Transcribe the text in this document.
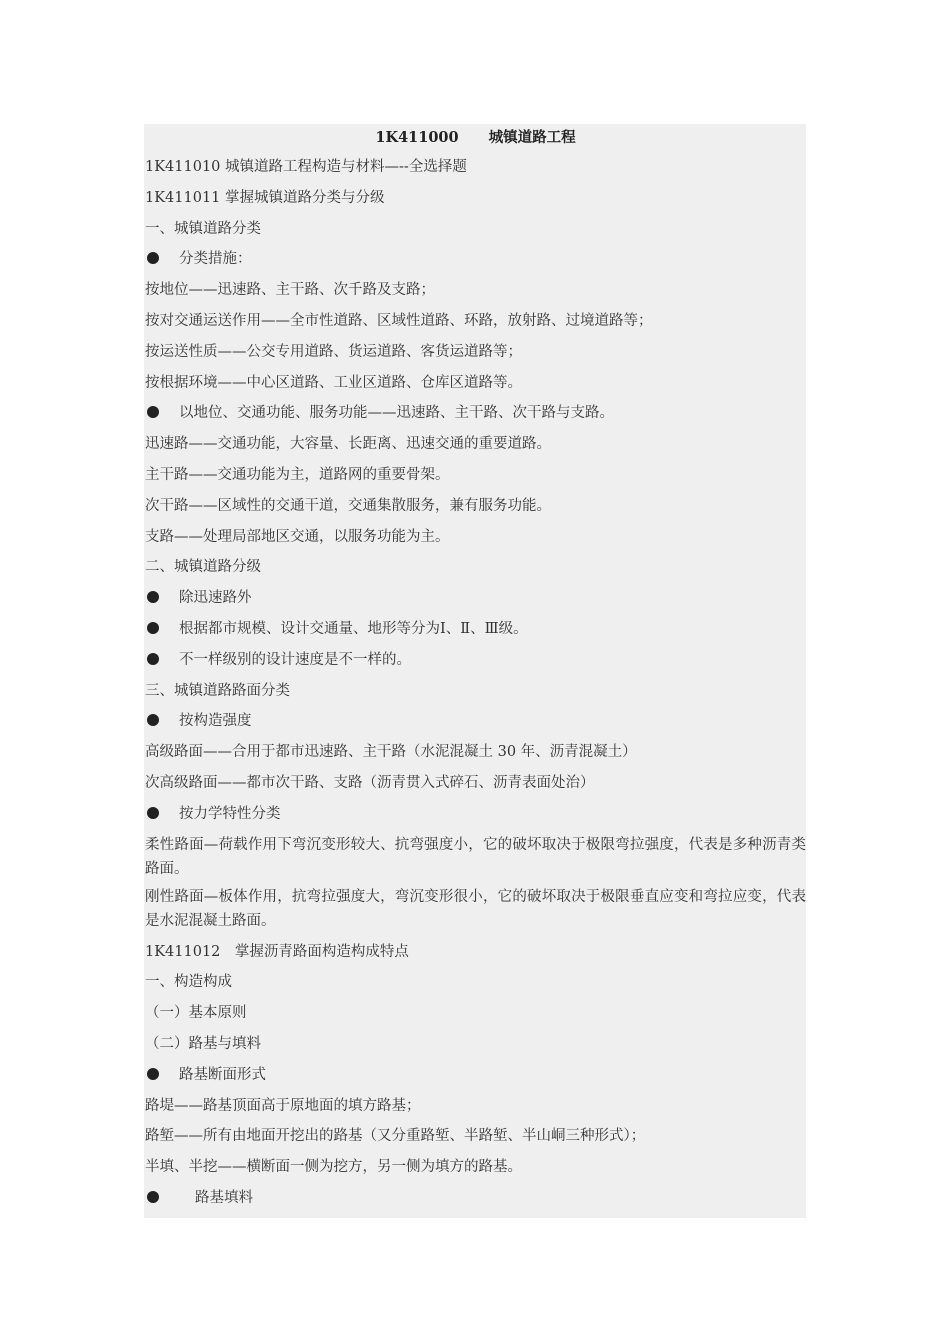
1K411000 城镇道路工程
1K411010 城镇道路工程构造与材料—--全选择题
1K411011 掌握城镇道路分类与分级
一、城镇道路分类
分类措施：
按地位——迅速路、主干路、次千路及支路；
按对交通运送作用——全市性道路、区域性道路、环路，放射路、过境道路等；
按运送性质——公交专用道路、货运道路、客货运道路等；
按根据环境——中心区道路、工业区道路、仓库区道路等。
以地位、交通功能、服务功能——迅速路、主干路、次干路与支路。
迅速路——交通功能，大容量、长距离、迅速交通的重要道路。
主干路——交通功能为主，道路网的重要骨架。
次干路——区域性的交通干道，交通集散服务，兼有服务功能。
支路——处理局部地区交通，以服务功能为主。
二、城镇道路分级
除迅速路外
根据都市规模、设计交通量、地形等分为Ⅰ、Ⅱ、Ⅲ级。
不一样级别的设计速度是不一样的。
三、城镇道路路面分类
按构造强度
高级路面——合用于都市迅速路、主干路（水泥混凝土 30 年、沥青混凝土）
次高级路面——都市次干路、支路（沥青贯入式碎石、沥青表面处治）
按力学特性分类
柔性路面—荷载作用下弯沉变形较大、抗弯强度小，它的破坏取决于极限弯拉强度，代表是多种沥青类路面。
刚性路面—板体作用，抗弯拉强度大，弯沉变形很小，它的破坏取决于极限垂直应变和弯拉应变，代表是水泥混凝土路面。
1K411012　掌握沥青路面构造构成特点
一、构造构成
（一）基本原则
（二）路基与填料
路基断面形式
路堤——路基顶面高于原地面的填方路基；
路堑——所有由地面开挖出的路基（又分重路堑、半路堑、半山峒三种形式）；
半填、半挖——横断面一侧为挖方，另一侧为填方的路基。
路基填料
